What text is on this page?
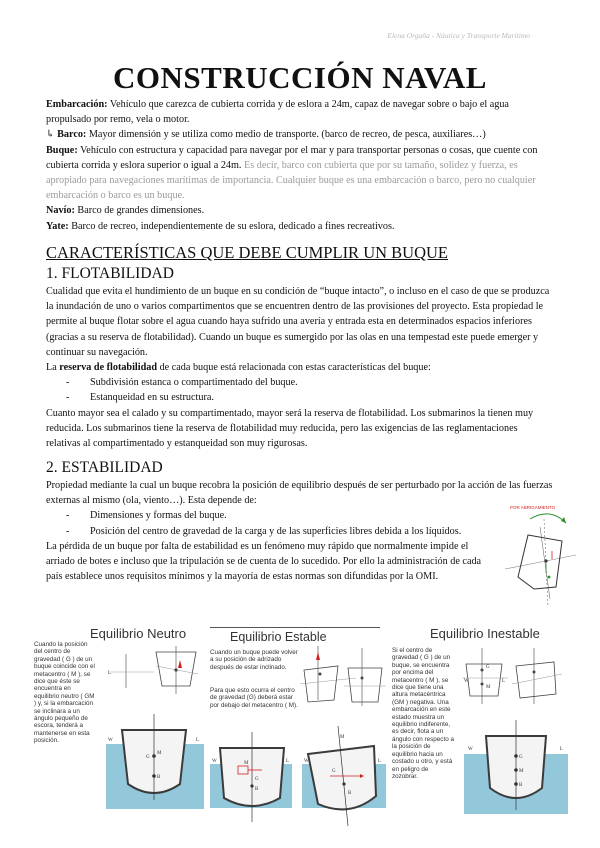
Elena Orgaña - Náutica y Transporte Marítimo
CONSTRUCCIÓN NAVAL

Embarcación: Vehículo que carezca de cubierta corrida y de eslora a 24m, capaz de navegar sobre o bajo el agua propulsado por remo, vela o motor.

↳ Barco: Mayor dimensión y se utiliza como medio de transporte. (barco de recreo, de pesca, auxiliares…)

Buque: Vehículo con estructura y capacidad para navegar por el mar y para transportar personas o cosas, que cuente con cubierta corrida y eslora superior o igual a 24m. Es decir, barco con cubierta que por su tamaño, solidez y fuerza, es apropiado para navegaciones marítimas de importancia. Cualquier buque es una embarcación o barco, pero no cualquier embarcación o barco es un buque.

Navío: Barco de grandes dimensiones.

Yate: Barco de recreo, independientemente de su eslora, dedicado a fines recreativos.

CARACTERÍSTICAS QUE DEBE CUMPLIR UN BUQUE
1. FLOTABILIDAD

Cualidad que evita el hundimiento de un buque en su condición de “buque intacto”, o incluso en el caso de que se produzca la inundación de uno o varios compartimentos que se encuentren dentro de las provisiones del proyecto. Esta propiedad le permite al buque flotar sobre el agua cuando haya sufrido una avería y entrada esta en determinados espacios inferiores (gracias a su reserva de flotabilidad). Cuando un buque es sumergido por las olas en una tempestad este puede emerger y continuar su navegación.

La reserva de flotabilidad de cada buque está relacionada con estas características del buque:

- Subdivisión estanca o compartimentado del buque.

- Estanqueidad en su estructura.

Cuanto mayor sea el calado y su compartimentado, mayor será la reserva de flotabilidad. Los submarinos la tienen muy reducida. Los submarinos tiene la reserva de flotabilidad muy reducida, pero las exigencias de las reglamentaciones relativas al compartimentado y estanqueidad son muy rigurosas.

2. ESTABILIDAD

Propiedad mediante la cual un buque recobra la posición de equilibrio después de ser perturbado por la acción de las fuerzas externas al mismo (ola, viento…). Esta depende de:

- Dimensiones y formas del buque.

- Posición del centro de gravedad de la carga y de las superficies libres debida a los líquidos.

La pérdida de un buque por falta de estabilidad es un fenómeno muy rápido que normalmente impide el arriado de botes e incluso que la tripulación se de cuenta de lo sucedido. Por ello la administración de cada país establece unos requisitos mínimos y la mayoría de estas normas son difundidas por la OMI.

POR ABRIGAMIENTO
Equilibrio Neutro
Cuando la posición del centro de gravedad ( G ) de un buque coincide con el metacentro ( M ), se dice que éste se encuentra en equilibrio neutro ( GM ) y, si la embarcación se inclinara a un ángulo pequeño de escora, tenderá a mantenerse en esta posición.
M
G
B
W	L
L
Equilibrio Estable
Cuando un buque puede volver a su posición de adrizado después de estar inclinado.
Para que esto ocurra el centro de gravedad (G) deberá estar por debajo del metacentro ( M).
M
G
B
W	L
G
M
B
W	L
Equilibrio Inestable
Si el centro de gravedad ( G ) de un buque, se encuentra por encima del metacentro ( M ), se dice que tiene una altura metacéntrica (GM ) negativa. Una embarcación en este estado muestra un equilibrio indiferente, es decir, flota a un ángulo con respecto a la posición de equilibrio hacia un costado u otro, y está en peligro de zozobrar.
G
M
B
W	L
G
M
W	L
